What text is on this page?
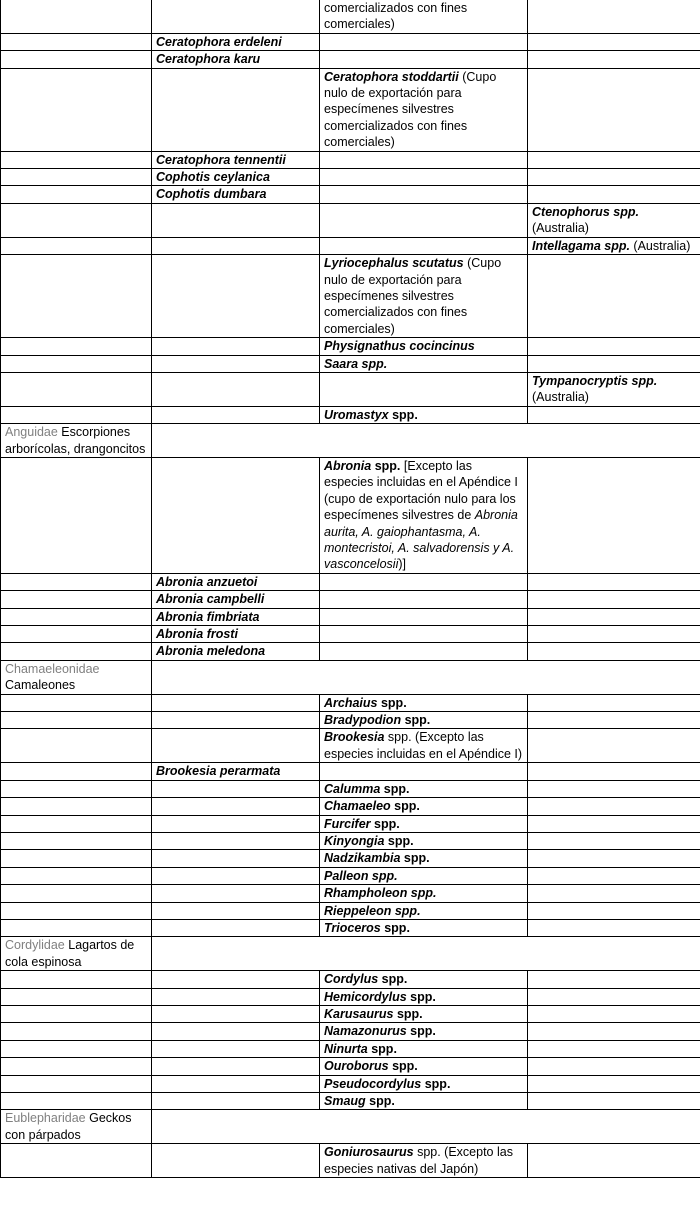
		comercializados con fines
comerciales)	
	Ceratophora erdeleni		
	Ceratophora karu		
		Ceratophora stoddartii (Cupo nulo de exportación para especímenes silvestres comercializados con fines comerciales)	
	Ceratophora tennentii		
	Cophotis ceylanica		
	Cophotis dumbara		
			Ctenophorus spp. (Australia)
			Intellagama spp. (Australia)
		Lyriocephalus scutatus (Cupo nulo de exportación para especímenes silvestres comercializados con fines comerciales)	
		Physignathus cocincinus	
		Saara spp.	
			Tympanocryptis spp. (Australia)
		Uromastyx spp.	
Anguidae Escorpiones arborícolas, drangoncitos			
		Abronia spp. [Excepto las especies incluidas en el Apéndice I (cupo de exportación nulo para los especímenes silvestres de Abronia aurita, A. gaiophantasma, A. montecristoi, A. salvadorensis y A. vasconcelosii)]	
	Abronia anzuetoi		
	Abronia campbelli		
	Abronia fimbriata		
	Abronia frosti		
	Abronia meledona		
Chamaeleonidae Camaleones			
		Archaius spp.	
		Bradypodion spp.	
		Brookesia spp. (Excepto las especies incluidas en el Apéndice I)	
	Brookesia perarmata		
		Calumma spp.	
		Chamaeleo spp.	
		Furcifer spp.	
		Kinyongia spp.	
		Nadzikambia spp.	
		Palleon spp.	
		Rhampholeon spp.	
		Rieppeleon spp.	
		Trioceros spp.	
Cordylidae Lagartos de cola espinosa			
		Cordylus spp.	
		Hemicordylus spp.	
		Karusaurus spp.	
		Namazonurus spp.	
		Ninurta spp.	
		Ouroborus spp.	
		Pseudocordylus spp.	
		Smaug spp.	
Eublepharidae Geckos con párpados			
		Goniurosaurus spp. (Excepto las especies nativas del Japón)	
